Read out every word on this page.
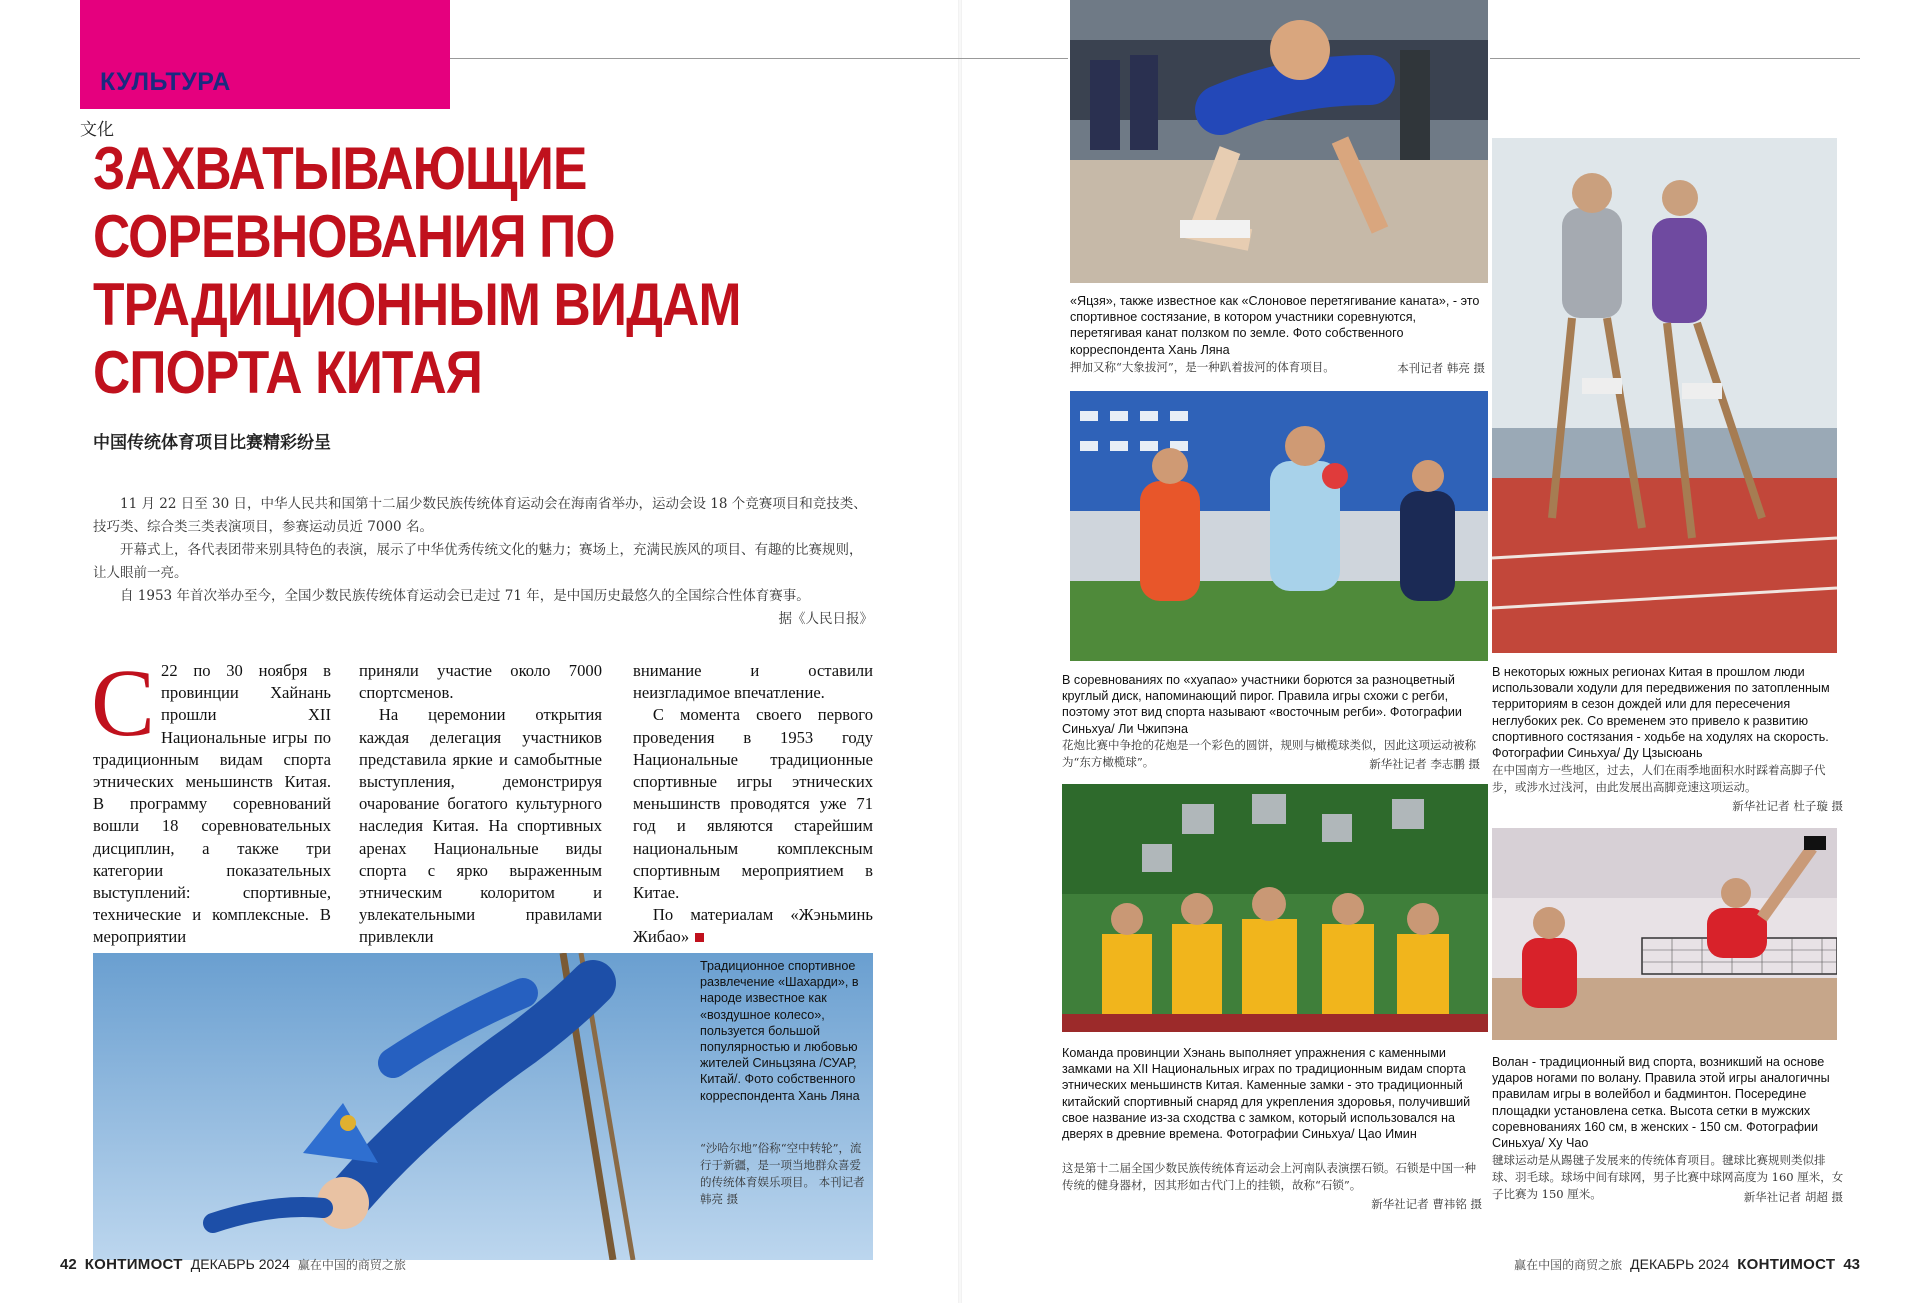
КУЛЬТУРА
文化
ЗАХВАТЫВАЮЩИЕ СОРЕВНОВАНИЯ ПО ТРАДИЦИОННЫМ ВИДАМ СПОРТА КИТАЯ
中国传统体育项目比赛精彩纷呈

11 月 22 日至 30 日，中华人民共和国第十二届少数民族传统体育运动会在海南省举办，运动会设 18 个竞赛项目和竞技类、技巧类、综合类三类表演项目，参赛运动员近 7000 名。

开幕式上，各代表团带来别具特色的表演，展示了中华优秀传统文化的魅力；赛场上，充满民族风的项目、有趣的比赛规则，让人眼前一亮。

自 1953 年首次举办至今，全国少数民族传统体育运动会已走过 71 年，是中国历史最悠久的全国综合性体育赛事。

据《人民日报》

С 22 по 30 ноября в провинции Хайнань прошли XII Национальные игры по традиционным видам спорта этнических меньшинств Китая. В программу соревнований вошли 18 соревновательных дисциплин, а также три категории показательных выступлений: спортивные, технические и комплексные. В мероприятии

приняли участие около 7000 спортсменов.

На церемонии открытия каждая делегация участников представила яркие и самобытные выступления, демонстрируя очарование богатого культурного наследия Китая. На спортивных аренах Национальные виды спорта с ярко выраженным этническим колоритом и увлекательными правилами привлекли

внимание и оставили неизгладимое впечатление.

С момента своего первого проведения в 1953 году Национальные традиционные спортивные игры этнических меньшинств проводятся уже 71 год и являются старейшим национальным комплексным спортивным мероприятием в Китае.

По материалам «Жэньминь Жибао»

Традиционное спортивное развлечение «Шахарди», в народе известное как «воздушное колесо», пользуется большой популярностью и любовью жителей Синьцзяна /СУАР, Китай/. Фото собственного корреспондента Хань Ляна
“沙哈尔地”俗称“空中转轮”，流行于新疆，是一项当地群众喜爱的传统体育娱乐项目。 本刊记者 韩亮 摄
42 КОНТИМОСТ ДЕКАБРЬ 2024 赢在中国的商贸之旅
«Яцзя», также известное как «Слоновое перетягивание каната», - это спортивное состязание, в котором участники соревнуются, перетягивая канат ползком по земле. Фото собственного корреспондента Хань Ляна
押加又称“大象拔河”，是一种趴着拔河的体育项目。	本刊记者 韩亮 摄
В соревнованиях по «хуапао» участники борются за разноцветный круглый диск, напоминающий пирог. Правила игры схожи с регби, поэтому этот вид спорта называют «восточным регби». Фотографии Синьхуа/ Ли Чжипэна
花炮比赛中争抢的花炮是一个彩色的圆饼，规则与橄榄球类似，因此这项运动被称为“东方橄榄球”。	新华社记者 李志鹏 摄
Команда провинции Хэнань выполняет упражнения с каменными замками на XII Национальных играх по традиционным видам спорта этнических меньшинств Китая. Каменные замки - это традиционный китайский спортивный снаряд для укрепления здоровья, получивший свое название из-за сходства с замком, который использовался на дверях в древние времена. Фотографии Синьхуа/ Цао Имин
这是第十二届全国少数民族传统体育运动会上河南队表演摆石锁。石锁是中国一种传统的健身器材，因其形如古代门上的挂锁，故称“石锁”。
新华社记者 曹祎铭 摄
В некоторых южных регионах Китая в прошлом люди использовали ходули для передвижения по затопленным территориям в сезон дождей или для пересечения неглубоких рек. Со временем это привело к развитию спортивного состязания - ходьбе на ходулях на скорость. Фотографии Синьхуа/ Ду Цзысюань
在中国南方一些地区，过去，人们在雨季地面积水时踩着高脚子代步，或涉水过浅河，由此发展出高脚竞速这项运动。
新华社记者 杜子璇 摄
Волан - традиционный вид спорта, возникший на основе ударов ногами по волану. Правила этой игры аналогичны правилам игры в волейбол и бадминтон. Посередине площадки установлена сетка. Высота сетки в мужских соревнованиях 160 см, в женских - 150 см. Фотографии Синьхуа/ Ху Чао
毽球运动是从踢毽子发展来的传统体育项目。毽球比赛规则类似排球、羽毛球。球场中间有球网，男子比赛中球网高度为 160 厘米，女子比赛为 150 厘米。	新华社记者 胡超 摄
赢在中国的商贸之旅 ДЕКАБРЬ 2024 КОНТИМОСТ 43
